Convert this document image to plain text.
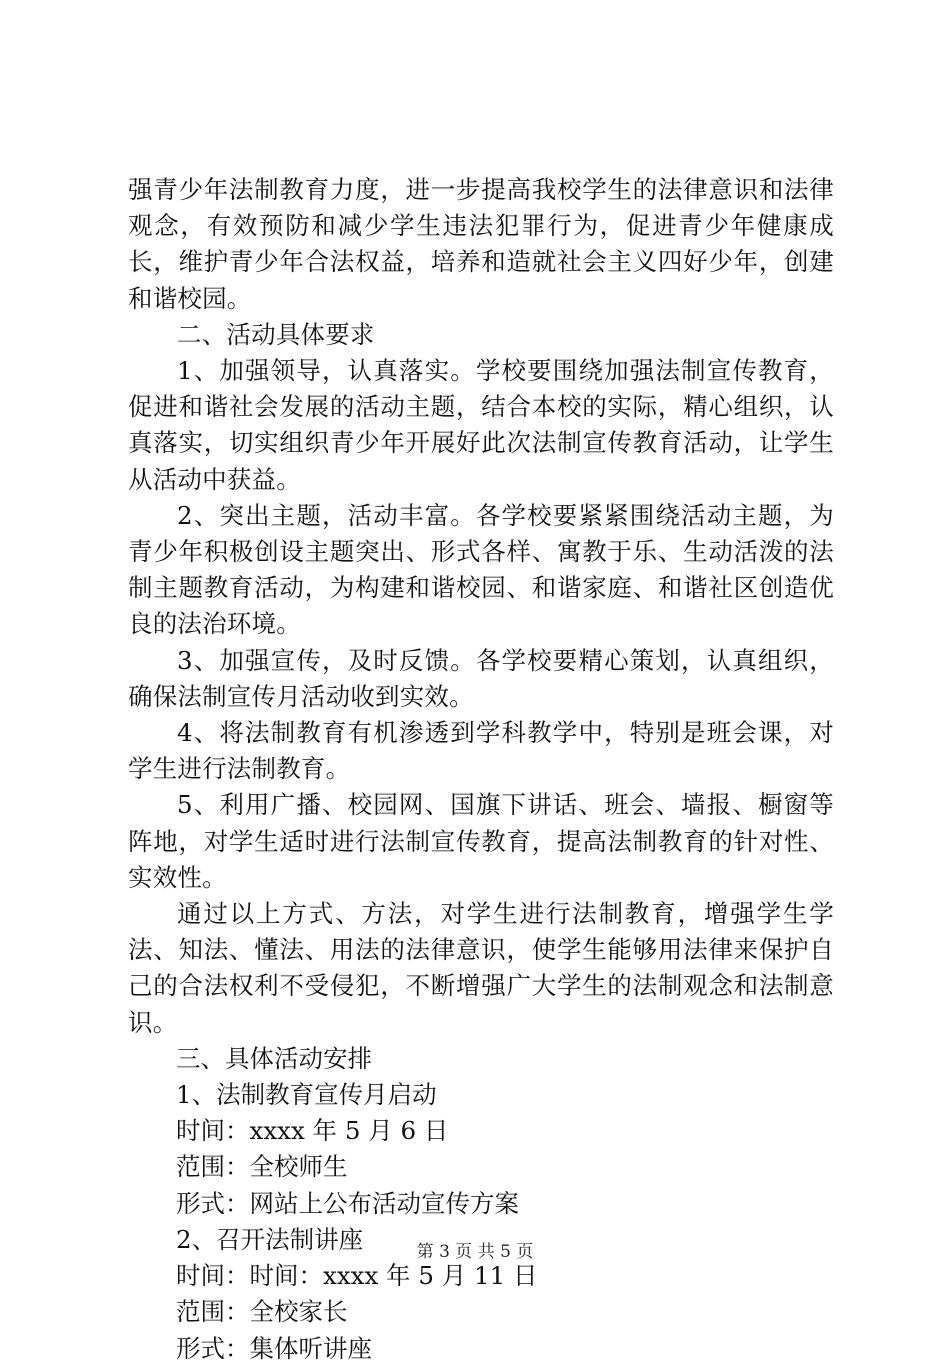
强青少年法制教育力度，进一步提高我校学生的法律意识和法律观念，有效预防和减少学生违法犯罪行为，促进青少年健康成长，维护青少年合法权益，培养和造就社会主义四好少年，创建和谐校园。

二、活动具体要求

1、加强领导，认真落实。学校要围绕加强法制宣传教育，促进和谐社会发展的活动主题，结合本校的实际，精心组织，认真落实，切实组织青少年开展好此次法制宣传教育活动，让学生从活动中获益。

2、突出主题，活动丰富。各学校要紧紧围绕活动主题，为青少年积极创设主题突出、形式各样、寓教于乐、生动活泼的法制主题教育活动，为构建和谐校园、和谐家庭、和谐社区创造优良的法治环境。

3、加强宣传，及时反馈。各学校要精心策划，认真组织，确保法制宣传月活动收到实效。

4、将法制教育有机渗透到学科教学中，特别是班会课，对学生进行法制教育。

5、利用广播、校园网、国旗下讲话、班会、墙报、橱窗等阵地，对学生适时进行法制宣传教育，提高法制教育的针对性、实效性。

通过以上方式、方法，对学生进行法制教育，增强学生学法、知法、懂法、用法的法律意识，使学生能够用法律来保护自己的合法权利不受侵犯，不断增强广大学生的法制观念和法制意识。

三、具体活动安排

1、法制教育宣传月启动

时间：xxxx 年 5 月 6 日

范围：全校师生

形式：网站上公布活动宣传方案

2、召开法制讲座

时间：时间：xxxx 年 5 月 11 日

范围：全校家长

形式：集体听讲座

第 3 页 共 5 页
